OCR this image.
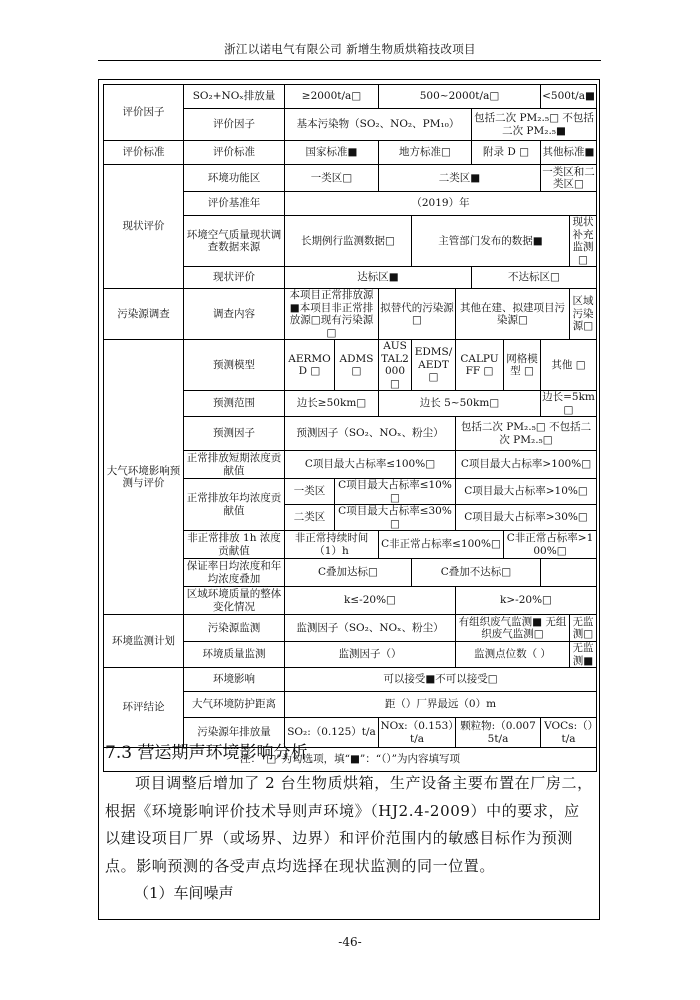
浙江以诺电气有限公司 新增生物质烘箱技改项目
评价因子	SO₂+NOₓ排放量	≥2000t/a□		500~2000t/a□					<500t/a■	
	评价因子	基本污染物（SO₂、NO₂、PM₁₀）					包括二次 PM₂.₅□ 不包括二次 PM₂.₅■			
评价标准	评价标准	国家标准■		地方标准□			附录 D □		其他标准■	
现状评价	环境功能区	一类区□		二类区■					一类区和二类区□	
	评价基准年	（2019）年								
	环境空气质量现状调查数据来源	长期例行监测数据□			主管部门发布的数据■					现状补充监测□
	现状评价	达标区■					不达标区□			
污染源调查	调查内容	本项目正常排放源■本项目非正常排放源□现有污染源□		拟替代的污染源□		其他在建、拟建项目污染源□				区域污染源□
大气环境影响预测与评价	预测模型	AERMOD □	ADMS □	AUSTAL2000 □	EDMS/AEDT □	CALPUFF □		网格模型 □	其他 □	
	预测范围	边长≥50km□		边长 5~50km□					边长=5km□	
	预测因子	预测因子（SO₂、NOₓ、粉尘）				包括二次 PM₂.₅□ 不包括二次 PM₂.₅□				
	正常排放短期浓度贡献值	C项目最大占标率≤100%□				C项目最大占标率>100%□				
	正常排放年均浓度贡献值	一类区	C项目最大占标率≤10%□			C项目最大占标率>10%□				
		二类区	C项目最大占标率≤30%□			C项目最大占标率>30%□				
	非正常排放 1h 浓度贡献值	非正常持续时间（1）h		C非正常占标率≤100%□				C非正常占标率>100%□		
	保证率日均浓度和年均浓度叠加	C叠加达标□			C叠加不达标□					
	区域环境质量的整体变化情况	k≤-20%□				k>-20%□				
环境监测计划	污染源监测	监测因子（SO₂、NOₓ、粉尘）				有组织废气监测■ 无组织废气监测□				无监测□
	环境质量监测	监测因子（）				监测点位数（ ）				无监测■
环评结论	环境影响	可以接受■不可以接受□								
	大气环境防护距离	距（）厂界最远（0）m								
	污染源年排放量	SO₂:（0.125）t/a		NOx:（0.153）t/a		颗粒物:（0.0075t/a			VOCs:（）t/a	
注：“□”为勾选项，填“■”：“（）”为内容填写项										
7.3 营运期声环境影响分析
项目调整后增加了 2 台生物质烘箱，生产设备主要布置在厂房二，根据《环境影响评价技术导则声环境》（HJ2.4-2009）中的要求，应以建设项目厂界（或场界、边界）和评价范围内的敏感目标作为预测点。影响预测的各受声点均选择在现状监测的同一位置。
（1）车间噪声
-46-
